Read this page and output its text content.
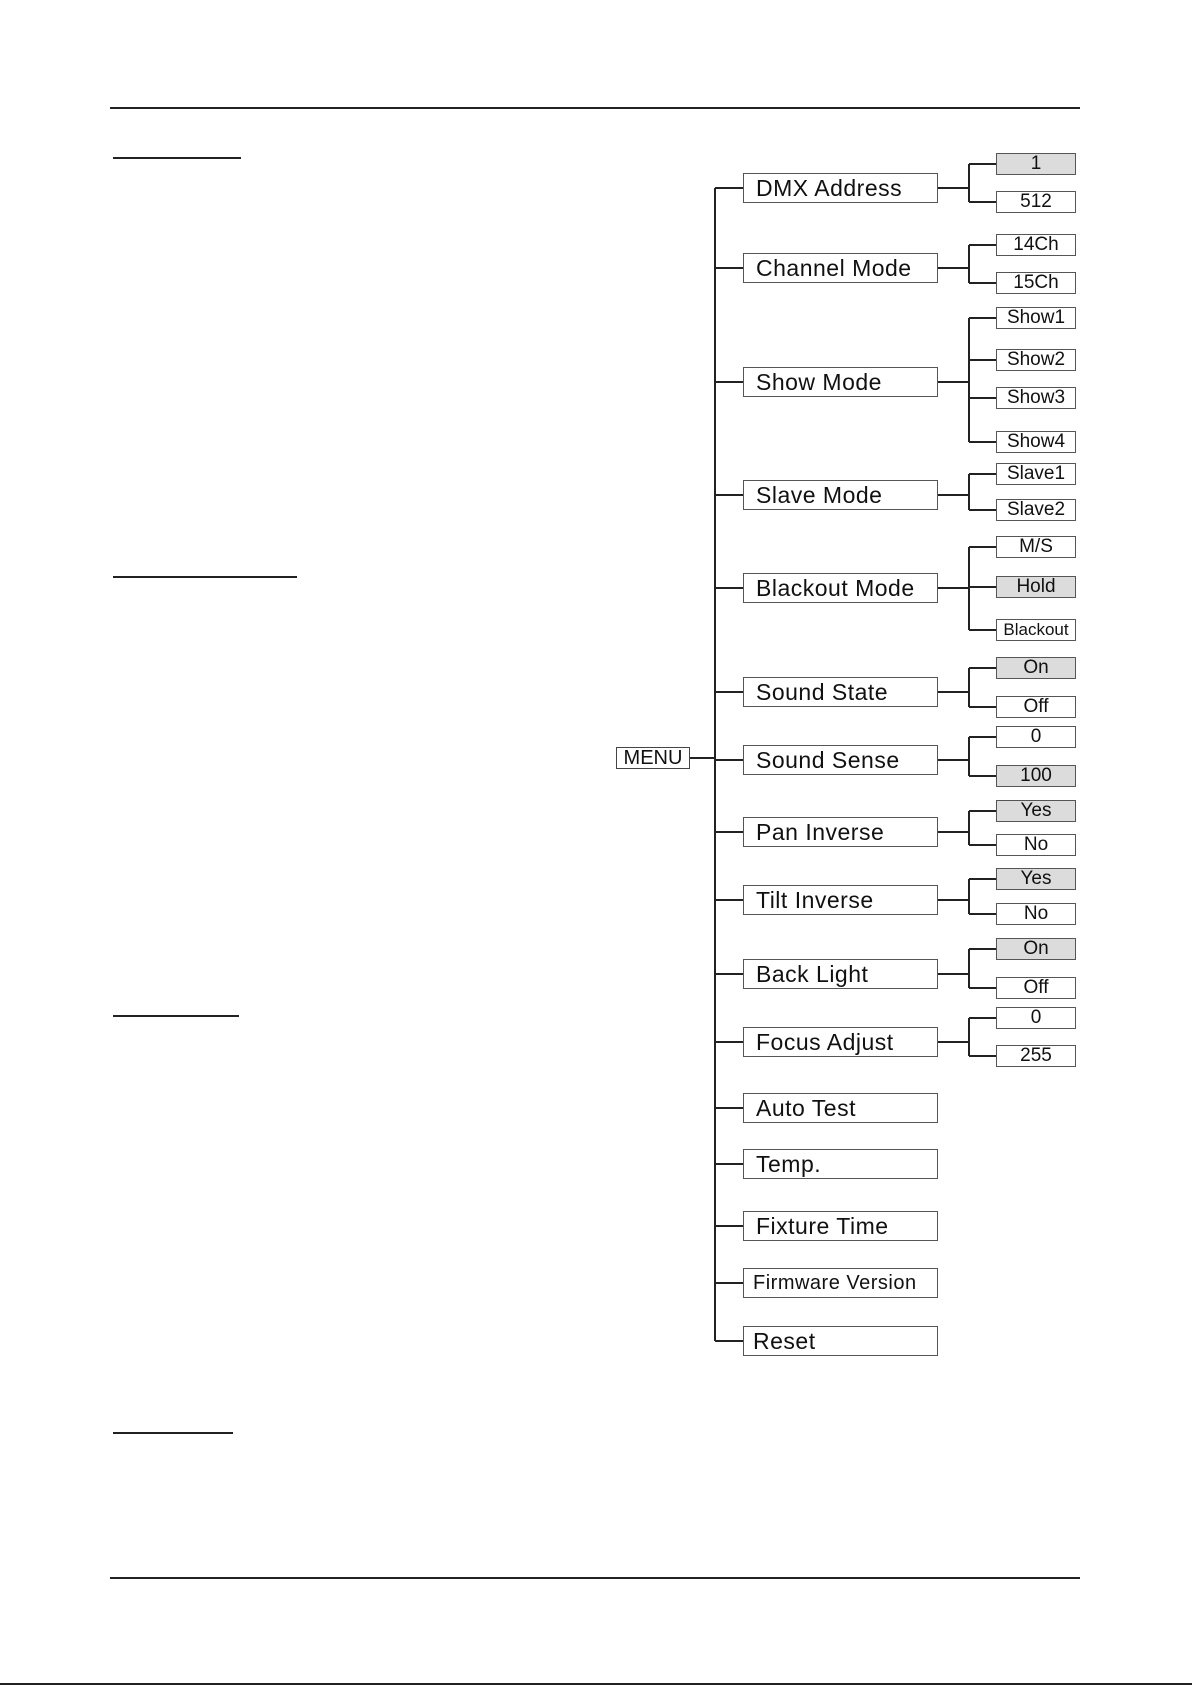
MENU
DMX Address
1
512
Channel Mode
14Ch
15Ch
Show Mode
Show1
Show2
Show3
Show4
Slave Mode
Slave1
Slave2
Blackout Mode
M/S
Hold
Blackout
Sound State
On
Off
Sound Sense
0
100
Pan Inverse
Yes
No
Tilt Inverse
Yes
No
Back Light
On
Off
Focus Adjust
0
255
Auto Test
Temp.
Fixture Time
Firmware Version
Reset
